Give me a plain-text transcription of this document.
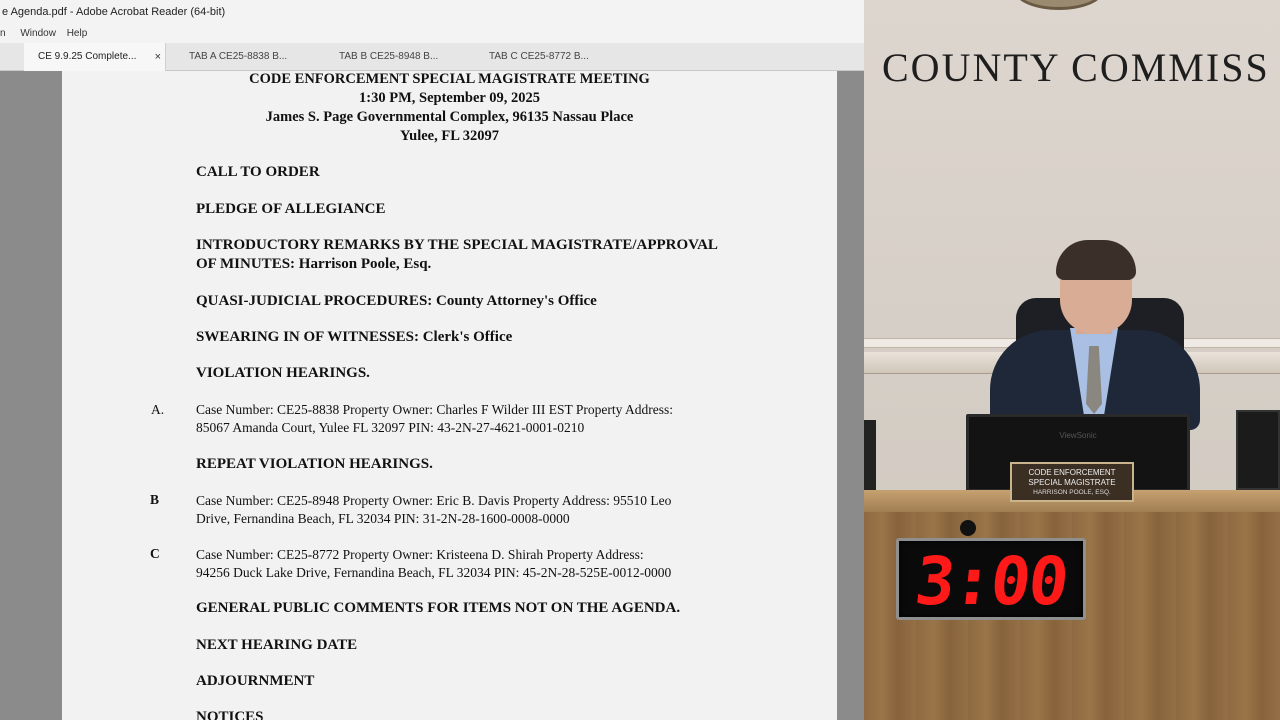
e Agenda.pdf - Adobe Acrobat Reader (64-bit)
n Window Help
CE 9.9.25 Complete... ×	TAB A CE25-8838 B...	TAB B CE25-8948 B...	TAB C CE25-8772 B...
CODE ENFORCEMENT SPECIAL MAGISTRATE MEETING
1:30 PM, September 09, 2025
James S. Page Governmental Complex, 96135 Nassau Place
Yulee, FL 32097
CALL TO ORDER
PLEDGE OF ALLEGIANCE
INTRODUCTORY REMARKS BY THE SPECIAL MAGISTRATE/APPROVAL
OF MINUTES: Harrison Poole, Esq.
QUASI-JUDICIAL PROCEDURES: County Attorney's Office
SWEARING IN OF WITNESSES: Clerk's Office
VIOLATION HEARINGS.
A. Case Number: CE25-8838 Property Owner: Charles F Wilder III EST Property Address:
85067 Amanda Court, Yulee FL 32097 PIN: 43-2N-27-4621-0001-0210
REPEAT VIOLATION HEARINGS.
B	Case Number: CE25-8948 Property Owner: Eric B. Davis Property Address: 95510 Leo
Drive, Fernandina Beach, FL 32034 PIN: 31-2N-28-1600-0008-0000
C	Case Number: CE25-8772 Property Owner: Kristeena D. Shirah Property Address:
94256 Duck Lake Drive, Fernandina Beach, FL 32034 PIN: 45-2N-28-525E-0012-0000
GENERAL PUBLIC COMMENTS FOR ITEMS NOT ON THE AGENDA.
NEXT HEARING DATE
ADJOURNMENT
NOTICES
COUNTY COMMISS
ViewSonic
CODE ENFORCEMENT
SPECIAL MAGISTRATE
HARRISON POOLE, ESQ.
3:00
